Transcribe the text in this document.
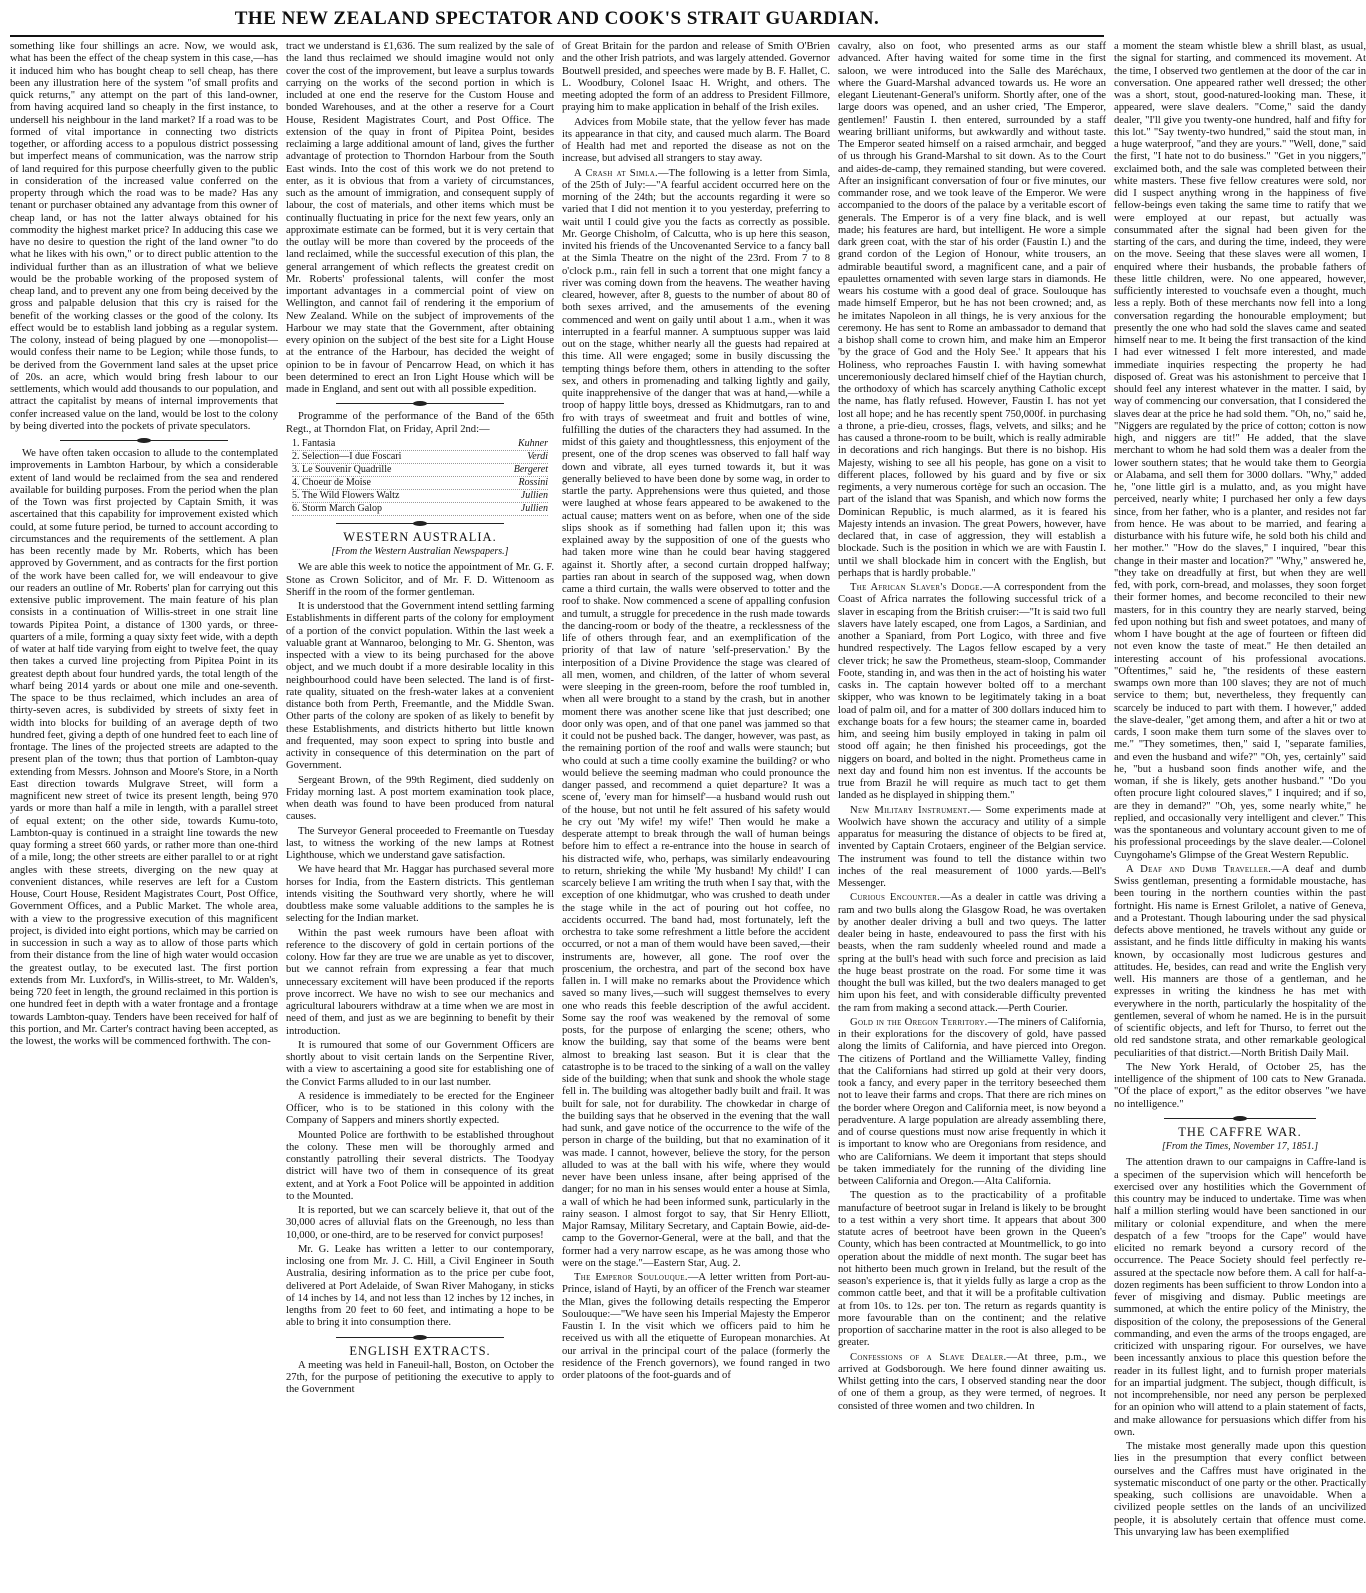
THE NEW ZEALAND SPECTATOR AND COOK'S STRAIT GUARDIAN.

something like four shillings an acre. Now, we would ask, what has been the effect of the cheap system in this case,—has it induced him who has bought cheap to sell cheap, has there been any illustration here of the system "of small profits and quick returns," any attempt on the part of this land-owner, from having acquired land so cheaply in the first instance, to undersell his neighbour in the land market? If a road was to be formed of vital importance in connecting two districts together, or affording access to a populous district possessing but imperfect means of communication, was the narrow strip of land required for this purpose cheerfully given to the public in consideration of the increased value conferred on the property through which the road was to be made? Has any tenant or purchaser obtained any advantage from this owner of cheap land, or has not the latter always obtained for his commodity the highest market price? In adducing this case we have no desire to question the right of the land owner "to do what he likes with his own," or to direct public attention to the individual further than as an illustration of what we believe would be the probable working of the proposed system of cheap land, and to prevent any one from being deceived by the gross and palpable delusion that this cry is raised for the benefit of the working classes or the good of the colony. Its effect would be to establish land jobbing as a regular system. The colony, instead of being plagued by one —monopolist—would confess their name to be Legion; while those funds, to be derived from the Government land sales at the upset price of 20s. an acre, which would bring fresh labour to our settlements, which would add thousands to our population, and attract the capitalist by means of internal improvements that confer increased value on the land, would be lost to the colony by being diverted into the pockets of private speculators.

We have often taken occasion to allude to the contemplated improvements in Lambton Harbour, by which a considerable extent of land would be reclaimed from the sea and rendered available for building purposes. From the period when the plan of the Town was first projected by Captain Smith, it was ascertained that this capability for improvement existed which could, at some future period, be turned to account according to circumstances and the requirements of the settlement. A plan has been recently made by Mr. Roberts, which has been approved by Government, and as contracts for the first portion of the work have been called for, we will endeavour to give our readers an outline of Mr. Roberts' plan for carrying out this extensive public improvement. The main feature of his plan consists in a continuation of Willis-street in one strait line towards Pipitea Point, a distance of 1300 yards, or three-quarters of a mile, forming a quay sixty feet wide, with a depth of water at half tide varying from eight to twelve feet, the quay then takes a curved line projecting from Pipitea Point in its greatest depth about four hundred yards, the total length of the wharf being 2014 yards or about one mile and one-seventh. The space to be thus reclaimed, which includes an area of thirty-seven acres, is subdivided by streets of sixty feet in width into blocks for building of an average depth of two hundred feet, giving a depth of one hundred feet to each line of frontage. The lines of the projected streets are adapted to the present plan of the town; thus that portion of Lambton-quay extending from Messrs. Johnson and Moore's Store, in a North East direction towards Mulgrave Street, will form a magnificent new street of twice its present length, being 970 yards or more than half a mile in length, with a parallel street of equal extent; on the other side, towards Kumu-toto, Lambton-quay is continued in a straight line towards the new quay forming a street 660 yards, or rather more than one-third of a mile, long; the other streets are either parallel to or at right angles with these streets, diverging on the new quay at convenient distances, while reserves are left for a Custom House, Court House, Resident Magistrates Court, Post Office, Government Offices, and a Public Market. The whole area, with a view to the progressive execution of this magnificent project, is divided into eight portions, which may be carried on in succession in such a way as to allow of those parts which from their distance from the line of high water would occasion the greatest outlay, to be executed last. The first portion extends from Mr. Luxford's, in Willis-street, to Mr. Walden's, being 720 feet in length, the ground reclaimed in this portion is one hundred feet in depth with a water frontage and a frontage towards Lambton-quay. Tenders have been received for half of this portion, and Mr. Carter's contract having been accepted, as the lowest, the works will be commenced forthwith. The con-

tract we understand is £1,636. The sum realized by the sale of the land thus reclaimed we should imagine would not only cover the cost of the improvement, but leave a surplus towards carrying on the works of the second portion in which is included at one end the reserve for the Custom House and bonded Warehouses, and at the other a reserve for a Court House, Resident Magistrates Court, and Post Office. The extension of the quay in front of Pipitea Point, besides reclaiming a large additional amount of land, gives the further advantage of protection to Thorndon Harbour from the South East winds. Into the cost of this work we do not pretend to enter, as it is obvious that from a variety of circumstances, such as the amount of immigration, and consequent supply of labour, the cost of materials, and other items which must be continually fluctuating in price for the next few years, only an approximate estimate can be formed, but it is very certain that the outlay will be more than covered by the proceeds of the land reclaimed, while the successful execution of this plan, the general arrangement of which reflects the greatest credit on Mr. Roberts' professional talents, will confer the most important advantages in a commercial point of view on Wellington, and cannot fail of rendering it the emporium of New Zealand. While on the subject of improvements of the Harbour we may state that the Government, after obtaining every opinion on the subject of the best site for a Light House at the entrance of the Harbour, has decided the weight of opinion to be in favour of Pencarrow Head, on which it has been determined to erect an Iron Light House which will be made in England, and sent out with all possible expedition.

Programme of the performance of the Band of the 65th Regt., at Thorndon Flat, on Friday, April 2nd:—

1. Fantasia	Kuhner
2. Selection—I due Foscari	Verdi
3. Le Souvenir Quadrille	Bergeret
4. Choeur de Moise	Rossini
5. The Wild Flowers Waltz	Jullien
6. Storm March Galop	Jullien
WESTERN AUSTRALIA.
[From the Western Australian Newspapers.]

We are able this week to notice the appointment of Mr. G. F. Stone as Crown Solicitor, and of Mr. F. D. Wittenoom as Sheriff in the room of the former gentleman.

It is understood that the Government intend settling farming Establishments in different parts of the colony for employment of a portion of the convict population. Within the last week a valuable grant at Wannaroo, belonging to Mr. G. Shenton, was inspected with a view to its being purchased for the above object, and we much doubt if a more desirable locality in this neighbourhood could have been selected. The land is of first-rate quality, situated on the fresh-water lakes at a convenient distance both from Perth, Freemantle, and the Middle Swan. Other parts of the colony are spoken of as likely to benefit by these Establishments, and districts hitherto but little known and frequented, may soon expect to spring into bustle and activity in consequence of this determination on the part of Government.

Sergeant Brown, of the 99th Regiment, died suddenly on Friday morning last. A post mortem examination took place, when death was found to have been produced from natural causes.

The Surveyor General proceeded to Freemantle on Tuesday last, to witness the working of the new lamps at Rotnest Lighthouse, which we understand gave satisfaction.

We have heard that Mr. Haggar has purchased several more horses for India, from the Eastern districts. This gentleman intends visiting the Southward very shortly, where he will doubtless make some valuable additions to the samples he is selecting for the Indian market.

Within the past week rumours have been afloat with reference to the discovery of gold in certain portions of the colony. How far they are true we are unable as yet to discover, but we cannot refrain from expressing a fear that much unnecessary excitement will have been produced if the reports prove incorrect. We have no wish to see our mechanics and agricultural labourers withdraw at a time when we are most in need of them, and just as we are beginning to benefit by their introduction.

It is rumoured that some of our Government Officers are shortly about to visit certain lands on the Serpentine River, with a view to ascertaining a good site for establishing one of the Convict Farms alluded to in our last number.

A residence is immediately to be erected for the Engineer Officer, who is to be stationed in this colony with the Company of Sappers and miners shortly expected.

Mounted Police are forthwith to be established throughout the colony. These men will be thoroughly armed and constantly patrolling their several districts. The Toodyay district will have two of them in consequence of its great extent, and at York a Foot Police will be appointed in addition to the Mounted.

It is reported, but we can scarcely believe it, that out of the 30,000 acres of alluvial flats on the Greenough, no less than 10,000, or one-third, are to be reserved for convict purposes!

Mr. G. Leake has written a letter to our contemporary, inclosing one from Mr. J. C. Hill, a Civil Engineer in South Australia, desiring information as to the price per cube foot, delivered at Port Adelaide, of Swan River Mahogany, in sticks of 14 inches by 14, and not less than 12 inches by 12 inches, in lengths from 20 feet to 60 feet, and intimating a hope to be able to bring it into consumption there.

ENGLISH EXTRACTS.

A meeting was held in Faneuil-hall, Boston, on October the 27th, for the purpose of petitioning the executive to apply to the Government

of Great Britain for the pardon and release of Smith O'Brien and the other Irish patriots, and was largely attended. Governor Boutwell presided, and speeches were made by B. F. Hallet, C. L. Woodbury, Colonel Isaac H. Wright, and others. The meeting adopted the form of an address to President Fillmore, praying him to make application in behalf of the Irish exiles.

Advices from Mobile state, that the yellow fever has made its appearance in that city, and caused much alarm. The Board of Health had met and reported the disease as not on the increase, but advised all strangers to stay away.

A Crash at Simla.—The following is a letter from Simla, of the 25th of July:—"A fearful accident occurred here on the morning of the 24th; but the accounts regarding it were so varied that I did not mention it to you yesterday, preferring to wait until I could give you the facts as correctly as possible. Mr. George Chisholm, of Calcutta, who is up here this season, invited his friends of the Uncovenanted Service to a fancy ball at the Simla Theatre on the night of the 23rd. From 7 to 8 o'clock p.m., rain fell in such a torrent that one might fancy a river was coming down from the heavens. The weather having cleared, however, after 8, guests to the number of about 80 of both sexes arrived, and the amusements of the evening commenced and went on gaily until about 1 a.m., when it was interrupted in a fearful manner. A sumptuous supper was laid out on the stage, whither nearly all the guests had repaired at this time. All were engaged; some in busily discussing the tempting things before them, others in attending to the softer sex, and others in promenading and talking lightly and gaily, quite inapprehensive of the danger that was at hand,—while a troop of happy little boys, dressed as Khidmutgars, ran to and fro with trays of sweetmeat and fruit and bottles of wine, fulfilling the duties of the characters they had assumed. In the midst of this gaiety and thoughtlessness, this enjoyment of the present, one of the drop scenes was observed to fall half way down and vibrate, all eyes turned towards it, but it was generally believed to have been done by some wag, in order to startle the party. Apprehensions were thus quieted, and those were laughed at whose fears appeared to be awakened to the actual cause; matters went on as before, when one of the side slips shook as if something had fallen upon it; this was explained away by the supposition of one of the guests who had taken more wine than he could bear having staggered against it. Shortly after, a second curtain dropped halfway; parties ran about in search of the supposed wag, when down came a third curtain, the walls were observed to totter and the roof to shake. Now commenced a scene of appalling confusion and tumult, a struggle for precedence in the rush made towards the dancing-room or body of the theatre, a recklessness of the life of others through fear, and an exemplification of the priority of that law of nature 'self-preservation.' By the interposition of a Divine Providence the stage was cleared of all men, women, and children, of the latter of whom several were sleeping in the green-room, before the roof tumbled in, when all were brought to a stand by the crash, but in another moment there was another scene like that just described; one door only was open, and of that one panel was jammed so that it could not be pushed back. The danger, however, was past, as the remaining portion of the roof and walls were staunch; but who could at such a time coolly examine the building? or who would believe the seeming madman who could pronounce the danger passed, and recommend a quiet departure? It was a scene of, 'every man for himself'—a husband would rush out of the house, but not until he felt assured of his safety would he cry out 'My wife! my wife!' Then would he make a desperate attempt to break through the wall of human beings before him to effect a re-entrance into the house in search of his distracted wife, who, perhaps, was similarly endeavouring to return, shrieking the while 'My husband! My child!' I can scarcely believe I am writing the truth when I say that, with the exception of one khidmutgar, who was crushed to death under the stage while in the act of pouring out hot coffee, no accidents occurred. The band had, most fortunately, left the orchestra to take some refreshment a little before the accident occurred, or not a man of them would have been saved,—their instruments are, however, all gone. The roof over the proscenium, the orchestra, and part of the second box have fallen in. I will make no remarks about the Providence which saved so many lives,—such will suggest themselves to every one who reads this feeble description of the awful accident. Some say the roof was weakened by the removal of some posts, for the purpose of enlarging the scene; others, who know the building, say that some of the beams were bent almost to breaking last season. But it is clear that the catastrophe is to be traced to the sinking of a wall on the valley side of the building; when that sunk and shook the whole stage fell in. The building was altogether badly built and frail. It was built for sale, not for durability. The chowkedar in charge of the building says that he observed in the evening that the wall had sunk, and gave notice of the occurrence to the wife of the person in charge of the building, but that no examination of it was made. I cannot, however, believe the story, for the person alluded to was at the ball with his wife, where they would never have been unless insane, after being apprised of the danger; for no man in his senses would enter a house at Simla, a wall of which he had been informed sunk, particularly in the rainy season. I almost forgot to say, that Sir Henry Elliott, Major Ramsay, Military Secretary, and Captain Bowie, aid-de-camp to the Governor-General, were at the ball, and that the former had a very narrow escape, as he was among those who were on the stage."—Eastern Star, Aug. 2.

The Emperor Soulouque.—A letter written from Port-au-Prince, island of Hayti, by an officer of the French war steamer the Mlan, gives the following details respecting the Emperor Soulouque:—"We have seen his Imperial Majesty the Emperor Faustin I. In the visit which we officers paid to him he received us with all the etiquette of European monarchies. At our arrival in the principal court of the palace (formerly the residence of the French governors), we found ranged in two order platoons of the foot-guards and of

cavalry, also on foot, who presented arms as our staff advanced. After having waited for some time in the first saloon, we were introduced into the Salle des Maréchaux, where the Guard-Marshal advanced towards us. He wore an elegant Lieutenant-General's uniform. Shortly after, one of the large doors was opened, and an usher cried, 'The Emperor, gentlemen!' Faustin I. then entered, surrounded by a staff wearing brilliant uniforms, but awkwardly and without taste. The Emperor seated himself on a raised armchair, and begged of us through his Grand-Marshal to sit down. As to the Court and aides-de-camp, they remained standing, but were covered. After an insignificant conversation of four or five minutes, our commander rose, and we took leave of the Emperor. We were accompanied to the doors of the palace by a veritable escort of generals. The Emperor is of a very fine black, and is well made; his features are hard, but intelligent. He wore a simple dark green coat, with the star of his order (Faustin I.) and the grand cordon of the Legion of Honour, white trousers, an admirable beautiful sword, a magnificent cane, and a pair of epaulettes ornamented with seven large stars in diamonds. He wears his costume with a good deal of grace. Soulouque has made himself Emperor, but he has not been crowned; and, as he imitates Napoleon in all things, he is very anxious for the ceremony. He has sent to Rome an ambassador to demand that a bishop shall come to crown him, and make him an Emperor 'by the grace of God and the Holy See.' It appears that his Holiness, who reproaches Faustin I. with having somewhat unceremoniously declared himself chief of the Haytian church, the orthodoxy of which has scarcely anything Catholic except the name, has flatly refused. However, Faustin I. has not yet lost all hope; and he has recently spent 750,000f. in purchasing a throne, a prie-dieu, crosses, flags, velvets, and silks; and he has caused a throne-room to be built, which is really admirable in decorations and rich hangings. But there is no bishop. His Majesty, wishing to see all his people, has gone on a visit to different places, followed by his guard and by five or six regiments, a very numerous cortège for such an occasion. The part of the island that was Spanish, and which now forms the Dominican Republic, is much alarmed, as it is feared his Majesty intends an invasion. The great Powers, however, have declared that, in case of aggression, they will establish a blockade. Such is the position in which we are with Faustin I. until we shall blockade him in concert with the English, but perhaps that is hardly probable."

The African Slaver's Dodge.—A correspondent from the Coast of Africa narrates the following successful trick of a slaver in escaping from the British cruiser:—"It is said two full slavers have lately escaped, one from Lagos, a Sardinian, and another a Spaniard, from Port Logico, with three and five hundred respectively. The Lagos fellow escaped by a very clever trick; he saw the Prometheus, steam-sloop, Commander Foote, standing in, and was then in the act of hoisting his water casks in. The captain however bolted off to a merchant skipper, who was known to be legitimately taking in a boat load of palm oil, and for a matter of 300 dollars induced him to exchange boats for a few hours; the steamer came in, boarded him, and seeing him busily employed in taking in palm oil stood off again; he then finished his proceedings, got the niggers on board, and bolted in the night. Prometheus came in next day and found him non est inventus. If the accounts be true from Brazil he will require as much tact to get them landed as he displayed in shipping them."

New Military Instrument.— Some experiments made at Woolwich have shown the accuracy and utility of a simple apparatus for measuring the distance of objects to be fired at, invented by Captain Crotaers, engineer of the Belgian service. The instrument was found to tell the distance within two inches of the real measurement of 1000 yards.—Bell's Messenger.

Curious Encounter.—As a dealer in cattle was driving a ram and two bulls along the Glasgow Road, he was overtaken by another dealer driving a bull and two queys. The latter dealer being in haste, endeavoured to pass the first with his beasts, when the ram suddenly wheeled round and made a spring at the bull's head with such force and precision as laid the huge beast prostrate on the road. For some time it was thought the bull was killed, but the two dealers managed to get him upon his feet, and with considerable difficulty prevented the ram from making a second attack.—Perth Courier.

Gold in the Oregon Territory.—The miners of California, in their explorations for the discovery of gold, have passed along the limits of California, and have pierced into Oregon. The citizens of Portland and the Williamette Valley, finding that the Californians had stirred up gold at their very doors, took a fancy, and every paper in the territory beseeched them not to leave their farms and crops. That there are rich mines on the border where Oregon and California meet, is now beyond a peradventure. A large population are already assembling there, and of course questions must now arise frequently in which it is important to know who are Oregonians from residence, and who are Californians. We deem it important that steps should be taken immediately for the running of the dividing line between California and Oregon.—Alta California.

The question as to the practicability of a profitable manufacture of beetroot sugar in Ireland is likely to be brought to a test within a very short time. It appears that about 300 statute acres of beetroot have been grown in the Queen's County, which has been contracted at Mountmellick, to go into operation about the middle of next month. The sugar beet has not hitherto been much grown in Ireland, but the result of the season's experience is, that it yields fully as large a crop as the common cattle beet, and that it will be a profitable cultivation at from 10s. to 12s. per ton. The return as regards quantity is more favourable than on the continent; and the relative proportion of saccharine matter in the root is also alleged to be greater.

Confessions of a Slave Dealer.—At three, p.m., we arrived at Godsborough. We here found dinner awaiting us. Whilst getting into the cars, I observed standing near the door of one of them a group, as they were termed, of negroes. It consisted of three women and two children. In

a moment the steam whistle blew a shrill blast, as usual, the signal for starting, and commenced its movement. At the time, I observed two gentlemen at the door of the car in conversation. One appeared rather well dressed; the other was a short, stout, good-natured-looking man. These, it appeared, were slave dealers. "Come," said the dandy dealer, "I'll give you twenty-one hundred, half and fifty for this lot." "Say twenty-two hundred," said the stout man, in a huge waterproof, "and they are yours." "Well, done," said the first, "I hate not to do business." "Get in you niggers," exclaimed both, and the sale was completed between their white masters. These five fellow creatures were sold, nor did I suspect anything wrong in the happiness of five fellow-beings even taking the same time to ratify that we were employed at our repast, but actually was consummated after the signal had been given for the starting of the cars, and during the time, indeed, they were on the move. Seeing that these slaves were all women, I enquired where their husbands, the probable fathers of these little children, were. No one appeared, however, sufficiently interested to vouchsafe even a thought, much less a reply. Both of these merchants now fell into a long conversation regarding the honourable employment; but presently the one who had sold the slaves came and seated himself near to me. It being the first transaction of the kind I had ever witnessed I felt more interested, and made immediate inquiries respecting the property he had disposed of. Great was his astonishment to perceive that I should feel any interest whatever in the matter. I said, by way of commencing our conversation, that I considered the slaves dear at the price he had sold them. "Oh, no," said he, "Niggers are regulated by the price of cotton; cotton is now high, and niggers are tit!" He added, that the slave merchant to whom he had sold them was a dealer from the lower southern states; that he would take them to Georgia or Alabama, and sell them for 3000 dollars. "Why," added he, "one little girl is a mulatto, and, as you might have perceived, nearly white; I purchased her only a few days since, from her father, who is a planter, and resides not far from hence. He was about to be married, and fearing a disturbance with his future wife, he sold both his child and her mother." "How do the slaves," I inquired, "bear this change in their master and location?" "Why," answered he, "they take on dreadfully at first, but when they are well fed, with pork, corn-bread, and molasses, they soon forget their former homes, and become reconciled to their new masters, for in this country they are nearly starved, being fed upon nothing but fish and sweet potatoes, and many of whom I have bought at the age of fourteen or fifteen did not even know the taste of meat." He then detailed an interesting account of his professional avocations. "Oftentimes," said he, "the residents of these eastern swamps own more than 100 slaves; they are not of much service to them; but, nevertheless, they frequently can scarcely be induced to part with them. I however," added the slave-dealer, "get among them, and after a hit or two at cards, I soon make them turn some of the slaves over to me." "They sometimes, then," said I, "separate families, and even the husband and wife?" "Oh, yes, certainly" said he, "but a husband soon finds another wife, and the woman, if she is likely, gets another husband." "Do you often procure light coloured slaves," I inquired; and if so, are they in demand?" "Oh, yes, some nearly white," he replied, and occasionally very intelligent and clever." This was the spontaneous and voluntary account given to me of his professional proceedings by the slave dealer.—Colonel Cuyngohame's Glimpse of the Great Western Republic.

A Deaf and Dumb Traveller.—A deaf and dumb Swiss gentleman, presenting a formidable moustache, has been touring in the northern counties within the past fortnight. His name is Ernest Grilolet, a native of Geneva, and a Protestant. Though labouring under the sad physical defects above mentioned, he travels without any guide or assistant, and he finds little difficulty in making his wants known, by occasionally most ludicrous gestures and attitudes. He, besides, can read and write the English very well. His manners are those of a gentleman, and he expresses in writing the kindness he has met with everywhere in the north, particularly the hospitality of the gentlemen, several of whom he named. He is in the pursuit of scientific objects, and left for Thurso, to ferret out the old red sandstone strata, and other remarkable geological peculiarities of that district.—North British Daily Mail.

The New York Herald, of October 25, has the intelligence of the shipment of 100 cats to New Granada. "Of the place of export," as the editor observes "we have no intelligence."

THE CAFFRE WAR.
[From the Times, November 17, 1851.]

The attention drawn to our campaigns in Caffre-land is a specimen of the supervision which will henceforth be exercised over any hostilities which the Government of this country may be induced to undertake. Time was when half a million sterling would have been sanctioned in our military or colonial expenditure, and when the mere despatch of a few "troops for the Cape" would have elicited no remark beyond a cursory record of the occurrence. The Peace Society should feel perfectly re-assured at the spectacle now before them. A call for half-a-dozen regiments has been sufficient to throw London into a fever of misgiving and dismay. Public meetings are summoned, at which the entire policy of the Ministry, the disposition of the colony, the preposessions of the General commanding, and even the arms of the troops engaged, are criticized with unsparing rigour. For ourselves, we have been incessantly anxious to place this question before the reader in its fullest light, and to furnish proper materials for an impartial judgment. The subject, though difficult, is not incomprehensible, nor need any person be perplexed for an opinion who will attend to a plain statement of facts, and make allowance for persuasions which differ from his own.

The mistake most generally made upon this question lies in the presumption that every conflict between ourselves and the Caffres must have originated in the systematic misconduct of one party or the other. Practically speaking, such collisions are unavoidable. When a civilized people settles on the lands of an uncivilized people, it is absolutely certain that offence must come. This unvarying law has been exemplified
